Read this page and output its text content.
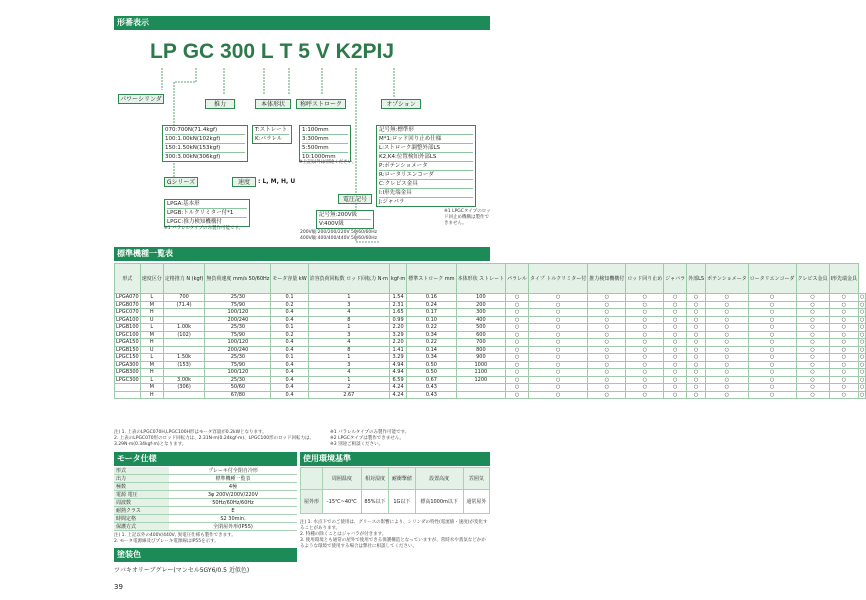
形番表示
LP GC 300 L T 5 V K2PIJ
パワーシリンダ
推力	本体形状	称呼ストローク	オプション
070:700N(71.4kgf)
100:1.00kN(102kgf)
150:1.50kN(153kgf)
300:3.00kN(306kgf)
T:ストレート
K:パラレル
1:100mm
3:300mm
5:500mm
10:1000mm
※上記以外は別途ください。
記号無:標準形
M*1:ロッド回り止め仕様
L:ストローク調整外部LS
K2,K4:位置検知外部LS
P:ポテンショメータ
R:ロータリエンコーダ
C:クレビス金具
I:I形先端金具
J:ジャバラ
※1 LPGCタイプのロッド回止め機構は製作できません。
Gシリーズ
LPGA:基本形
LPGB:トルクリミター付*1
LPGC:推力検知機構付
※1 パラレルタイプのみ製作可能です。
速度	: L, M, H, U
電圧記号
記号無:200V級
V:400V級
200V級:200/200/220V 50/60/60Hz
400V級:400/400/440V 50/60/60Hz
標準機種一覧表
形式	速度区分	定格推力 N (kgf)	無負荷速度 mm/s 50/60Hz	モータ容量 kW	許容負荷回転数 ロッド回転力 N·m	kgf·m	標準ストローク mm	本体形状 ストレート	パラレル	タイプ トルクリミター付	推力検知機構付	ロッド回り止め	ジャバラ	外部LS	ポテンショメータ	ロータリエンコーダ	クレビス金具	I形先端金具	
LPGA070	L	700	25/30	0.1	1	1.54	0.16	100	○	○	○	○	○	○	○	○	○	○	○
LPGB070	M	(71.4)	75/90	0.2	3	2.31	0.24	200	○	○	○	○	○	○	○	○	○	○	○
LPGC070	H		100/120	0.4	4	1.65	0.17	300	○	○	○	○	○	○	○	○	○	○	○
LPGA100	U		200/240	0.4	8	0.99	0.10	400	○	○	○	○	○	○	○	○	○	○	○
LPGB100	L	1.00k	25/30	0.1	1	2.20	0.22	500	○	○	○	○	○	○	○	○	○	○	○
LPGC100	M	(102)	75/90	0.2	3	3.29	0.34	600	○	○	○	○	○	○	○	○	○	○	○
LPGA150	H		100/120	0.4	4	2.20	0.22	700	○	○	○	○	○	○	○	○	○	○	○
LPGB150	U		200/240	0.4	8	1.41	0.14	800	○	○	○	○	○	○	○	○	○	○	○
LPGC150	L	1.50k	25/30	0.1	1	3.29	0.34	900	○	○	○	○	○	○	○	○	○	○	○
LPGA300	M	(153)	75/90	0.4	3	4.94	0.50	1000	○	○	○	○	○	○	○	○	○	○	○
LPGB300	H		100/120	0.4	4	4.94	0.50	1100	○	○	○	○	○	○	○	○	○	○	○
LPGC300	L	3.00k	25/30	0.4	1	6.59	0.67	1200	○	○	○	○	○	○	○	○	○	○	○
	M	(306)	50/60	0.4	2	4.24	0.43		○	○	○	○	○	○	○	○	○	○	○
	H		67/80	0.4	2.67	4.24	0.43		○	○	○	○	○	○	○	○	○	○	○
注) 1. 上表のLPGC070H,LPGC100H形はモータ容量が0.2kWとなります。
2. 上表のLPGC070形のロッド回転力は、2.31N·m(0.24kgf·m)、LPGC100形のロッド回転力は、3.29N·m(0.34kgf·m)となります。
※1 パラレルタイプのみ製作可能です。
※2 LPGCタイプは製作できません。
※3 別途ご相談ください。
モータ仕様
形式	プレーキ付全閉自冷形
出力	標準機種一覧表
極数	4極
電源 電圧	3φ 200V/200V/220V
周波数	50Hz/60Hz/60Hz
耐熱クラス	E
時間定格	S2 30min.
保護方式	全閉屋外形(IP55)
注) 1. 上記以外の400V/440V, 異電圧仕様も製作できます。
2. モータ電源線及びプレーキ電源線はIP55を示す。
塗装色
ツバキオリーブグレー(マンセル5GY6/0.5 近似色)
使用環境基準
	周囲温度	相対湿度	耐衝撃値	設置高度	雰囲気
屋外形	-15℃~40℃	85%以下	1G以下	標高1000m以下	通常屋外
注) 1. 水点下でのご使用は、グリースの影響により、シリンダの特性(電流値・速度)が変化することがあります。
2. 特種の除くことはジャバラが付きます。
3. 使用環境とも通常の屋外で使用できる保護構造となっていますが、常時水や蒸気などかかるような環境で使用する場合は弊社に相談してください。
39
